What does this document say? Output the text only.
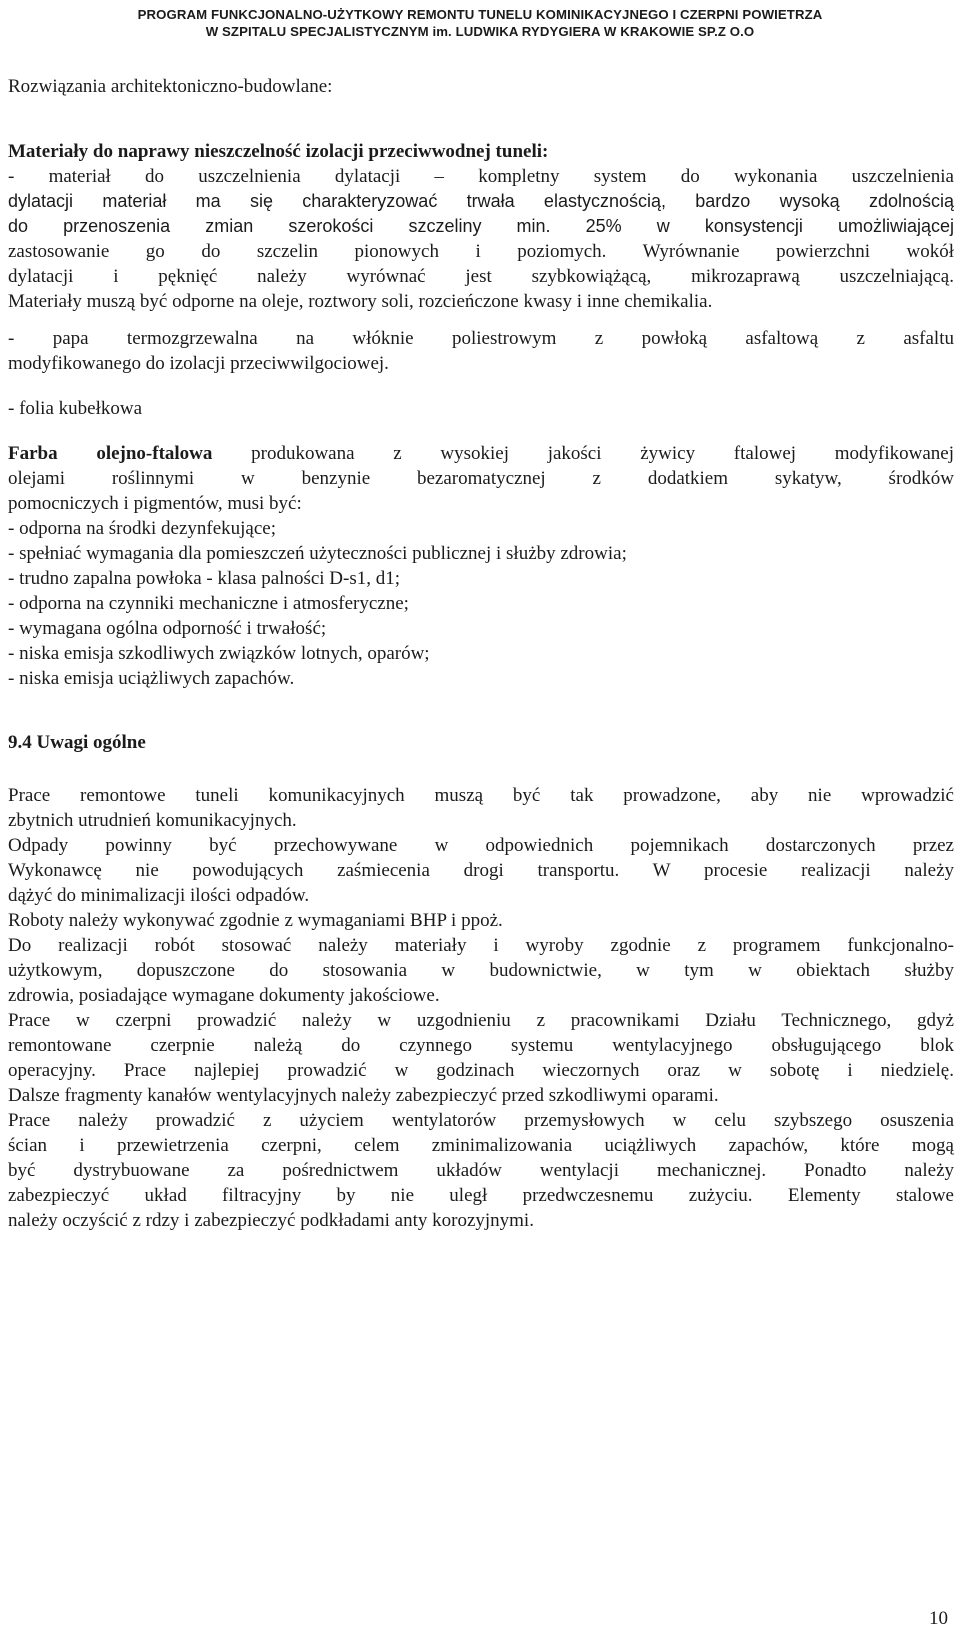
PROGRAM FUNKCJONALNO-UŻYTKOWY REMONTU TUNELU KOMINIKACYJNEGO I CZERPNI POWIETRZA
W SZPITALU SPECJALISTYCZNYM im. LUDWIKA RYDYGIERA W KRAKOWIE SP.Z O.O

Rozwiązania architektoniczno-budowlane:

Materiały do naprawy nieszczelność izolacji przeciwwodnej tuneli:

- materiał do uszczelnienia dylatacji – kompletny system do wykonania uszczelnienia

dylatacji materiał ma się charakteryzować trwała elastycznością, bardzo wysoką zdolnością

do przenoszenia zmian szerokości szczeliny min. 25% w konsystencji umożliwiającej

zastosowanie go do szczelin pionowych i poziomych. Wyrównanie powierzchni wokół

dylatacji i pęknięć należy wyrównać jest szybkowiążącą, mikrozaprawą uszczelniającą.

Materiały muszą być odporne na oleje, roztwory soli, rozcieńczone kwasy i inne chemikalia.

- papa termozgrzewalna na włóknie poliestrowym z powłoką asfaltową z asfaltu

modyfikowanego do izolacji przeciwwilgociowej.

- folia kubełkowa

Farba olejno-ftalowa produkowana z wysokiej jakości żywicy ftalowej modyfikowanej

olejami roślinnymi w benzynie bezaromatycznej z dodatkiem sykatyw, środków

pomocniczych i pigmentów, musi być:

- odporna na środki dezynfekujące;

- spełniać wymagania dla pomieszczeń użyteczności publicznej i służby zdrowia;

- trudno zapalna powłoka - klasa palności D-s1, d1;

- odporna na czynniki mechaniczne i atmosferyczne;

- wymagana ogólna odporność i trwałość;

- niska emisja szkodliwych związków lotnych, oparów;

- niska emisja uciążliwych zapachów.

9.4 Uwagi ogólne

Prace remontowe tuneli komunikacyjnych muszą być tak prowadzone, aby nie wprowadzić

zbytnich utrudnień komunikacyjnych.

Odpady powinny być przechowywane w odpowiednich pojemnikach dostarczonych przez

Wykonawcę nie powodujących zaśmiecenia drogi transportu. W procesie realizacji należy

dążyć do minimalizacji ilości odpadów.

Roboty należy wykonywać zgodnie z wymaganiami BHP i ppoż.

Do realizacji robót stosować należy materiały i wyroby zgodnie z programem funkcjonalno-

użytkowym, dopuszczone do stosowania w budownictwie, w tym w obiektach służby

zdrowia, posiadające wymagane dokumenty jakościowe.

Prace w czerpni prowadzić należy w uzgodnieniu z pracownikami Działu Technicznego, gdyż

remontowane czerpnie należą do czynnego systemu wentylacyjnego obsługującego blok

operacyjny. Prace najlepiej prowadzić w godzinach wieczornych oraz w sobotę i niedzielę.

Dalsze fragmenty kanałów wentylacyjnych należy zabezpieczyć przed szkodliwymi oparami.

Prace należy prowadzić z użyciem wentylatorów przemysłowych w celu szybszego osuszenia

ścian i przewietrzenia czerpni, celem zminimalizowania uciążliwych zapachów, które mogą

być dystrybuowane za pośrednictwem układów wentylacji mechanicznej. Ponadto należy

zabezpieczyć układ filtracyjny by nie uległ przedwczesnemu zużyciu. Elementy stalowe

należy oczyścić z rdzy i zabezpieczyć podkładami anty korozyjnymi.

10
